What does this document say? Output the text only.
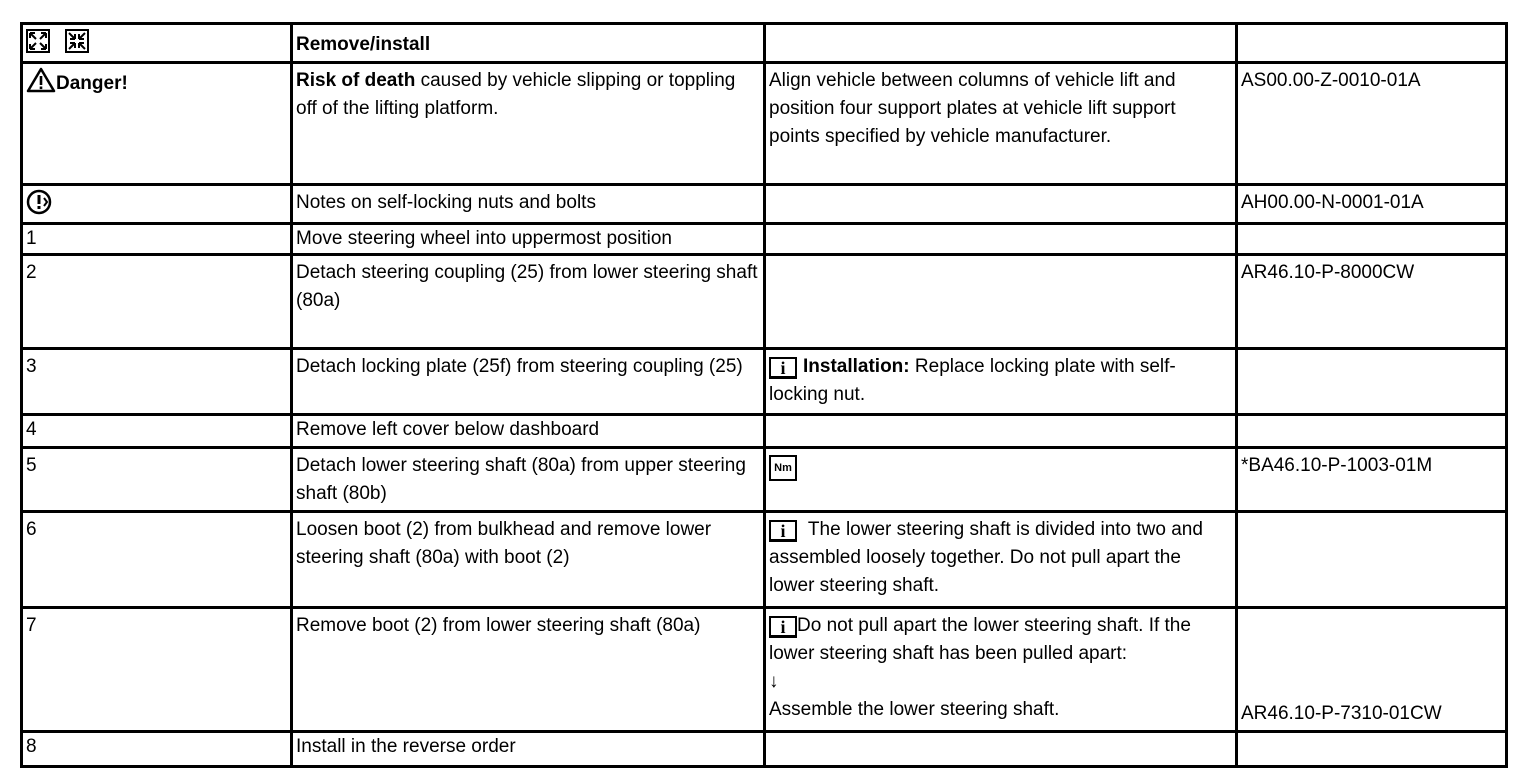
	Remove/install		
Danger!	Risk of death caused by vehicle slipping or toppling off of the lifting platform.	Align vehicle between columns of vehicle lift and position four support plates at vehicle lift support points specified by vehicle manufacturer.	AS00.00-Z-0010-01A
	Notes on self-locking nuts and bolts		AH00.00-N-0001-01A
1	Move steering wheel into uppermost position		
2	Detach steering coupling (25) from lower steering shaft (80a)		AR46.10-P-8000CW
3	Detach locking plate (25f) from steering coupling (25)	i Installation: Replace locking plate with self-locking nut.	
4	Remove left cover below dashboard		
5	Detach lower steering shaft (80a) from upper steering shaft (80b)	Nm	*BA46.10-P-1003-01M
6	Loosen boot (2) from bulkhead and remove lower steering shaft (80a) with boot (2)	i The lower steering shaft is divided into two and assembled loosely together. Do not pull apart the lower steering shaft.	
7	Remove boot (2) from lower steering shaft (80a)	i Do not pull apart the lower steering shaft. If the lower steering shaft has been pulled apart:
↓
Assemble the lower steering shaft.	AR46.10-P-7310-01CW
8	Install in the reverse order		
